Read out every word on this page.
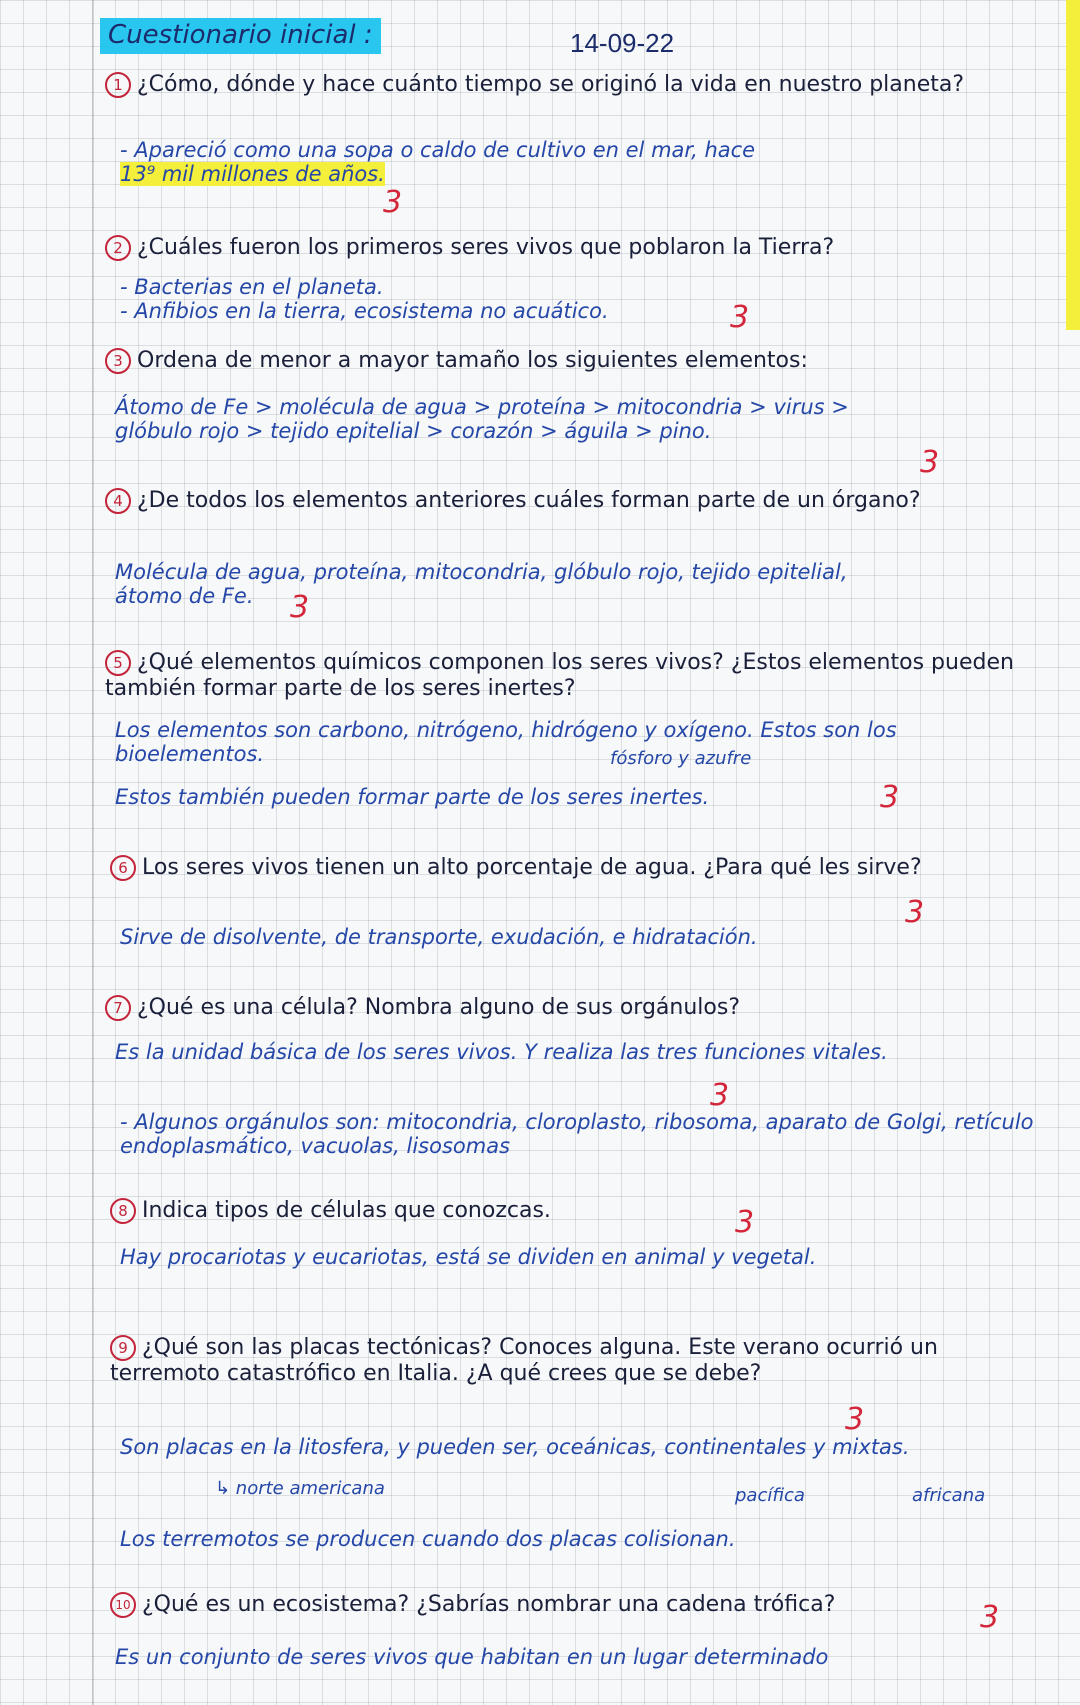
Cuestionario inicial :	14-09-22
1 ¿Cómo, dónde y hace cuánto tiempo se originó la vida en nuestro planeta?
- Apareció como una sopa o caldo de cultivo en el mar, hace
13⁹ mil millones de años.
3
2 ¿Cuáles fueron los primeros seres vivos que poblaron la Tierra?
- Bacterias en el planeta.
- Anfibios en la tierra, ecosistema no acuático.	3
3 Ordena de menor a mayor tamaño los siguientes elementos:
Átomo de Fe > molécula de agua > proteína > mitocondria > virus >
glóbulo rojo > tejido epitelial > corazón > águila > pino.
3
4 ¿De todos los elementos anteriores cuáles forman parte de un órgano?
Molécula de agua, proteína, mitocondria, glóbulo rojo, tejido epitelial,
átomo de Fe.	3
5 ¿Qué elementos químicos componen los seres vivos? ¿Estos elementos pueden también formar parte de los seres inertes?
Los elementos son carbono, nitrógeno, hidrógeno y oxígeno. Estos son los bioelementos.	fósforo y azufre
Estos también pueden formar parte de los seres inertes.	3
6 Los seres vivos tienen un alto porcentaje de agua. ¿Para qué les sirve?
Sirve de disolvente, de transporte, exudación, e hidratación.
3
7 ¿Qué es una célula? Nombra alguno de sus orgánulos?
Es la unidad básica de los seres vivos. Y realiza las tres funciones vitales.
3
- Algunos orgánulos son: mitocondria, cloroplasto, ribosoma, aparato de Golgi, retículo endoplasmático, vacuolas, lisosomas
8 Indica tipos de células que conozcas.	3
Hay procariotas y eucariotas, está se dividen en animal y vegetal.
9 ¿Qué son las placas tectónicas? Conoces alguna. Este verano ocurrió un terremoto catastrófico en Italia. ¿A qué crees que se debe?
3
Son placas en la litosfera, y pueden ser, oceánicas, continentales y mixtas.
↳ norte americana	pacífica	africana
Los terremotos se producen cuando dos placas colisionan.
10 ¿Qué es un ecosistema? ¿Sabrías nombrar una cadena trófica?	3
Es un conjunto de seres vivos que habitan en un lugar determinado
